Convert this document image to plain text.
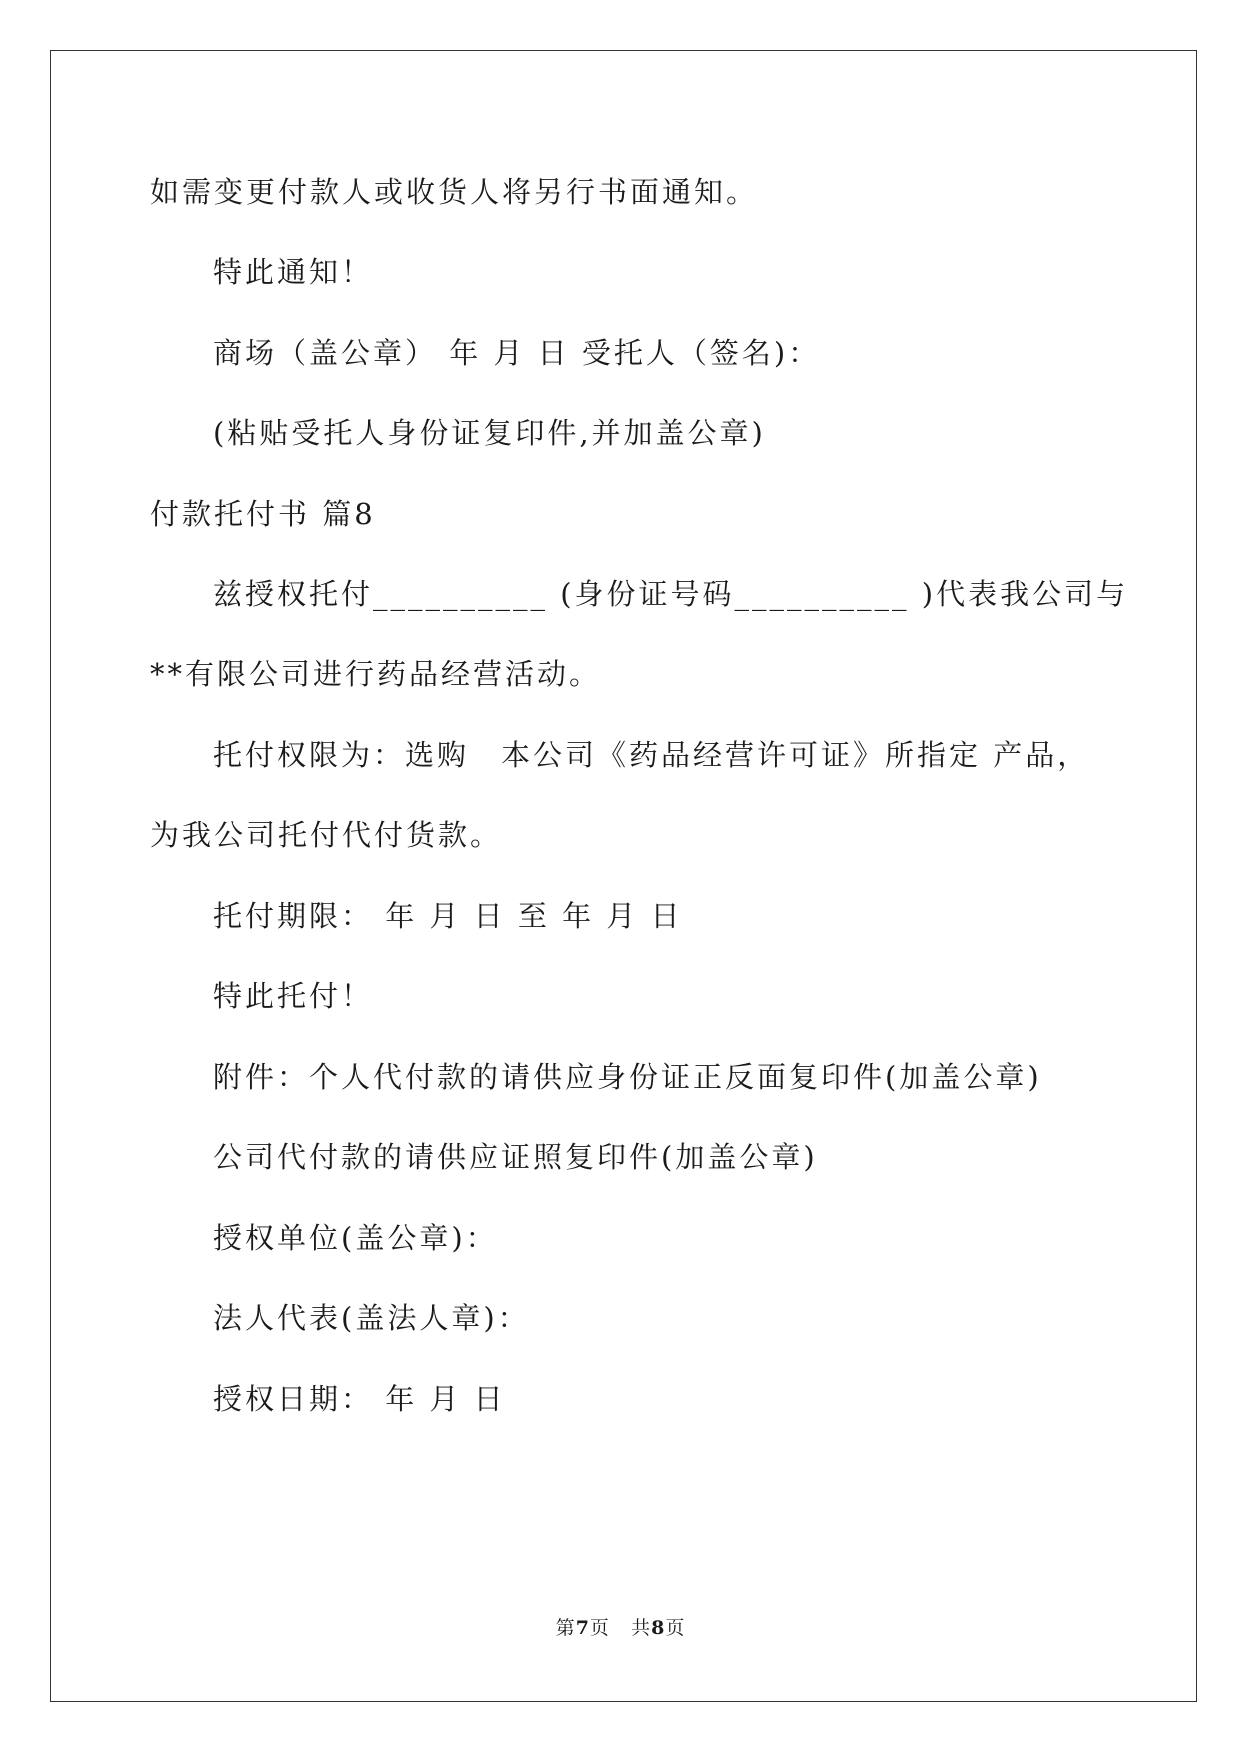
如需变更付款人或收货人将另行书面通知。
特此通知！
商场（盖公章） 年 月 日 受托人（签名)：
(粘贴受托人身份证复印件,并加盖公章)
付款托付书 篇8
兹授权托付__________ (身份证号码__________ )代表我公司与
**有限公司进行药品经营活动。
托付权限为：选购　本公司《药品经营许可证》所指定 产品，
为我公司托付代付货款。
托付期限： 年 月 日 至 年 月 日
特此托付！
附件：个人代付款的请供应身份证正反面复印件(加盖公章)
公司代付款的请供应证照复印件(加盖公章)
授权单位(盖公章)：
法人代表(盖法人章)：
授权日期： 年 月 日
第7页 共8页
